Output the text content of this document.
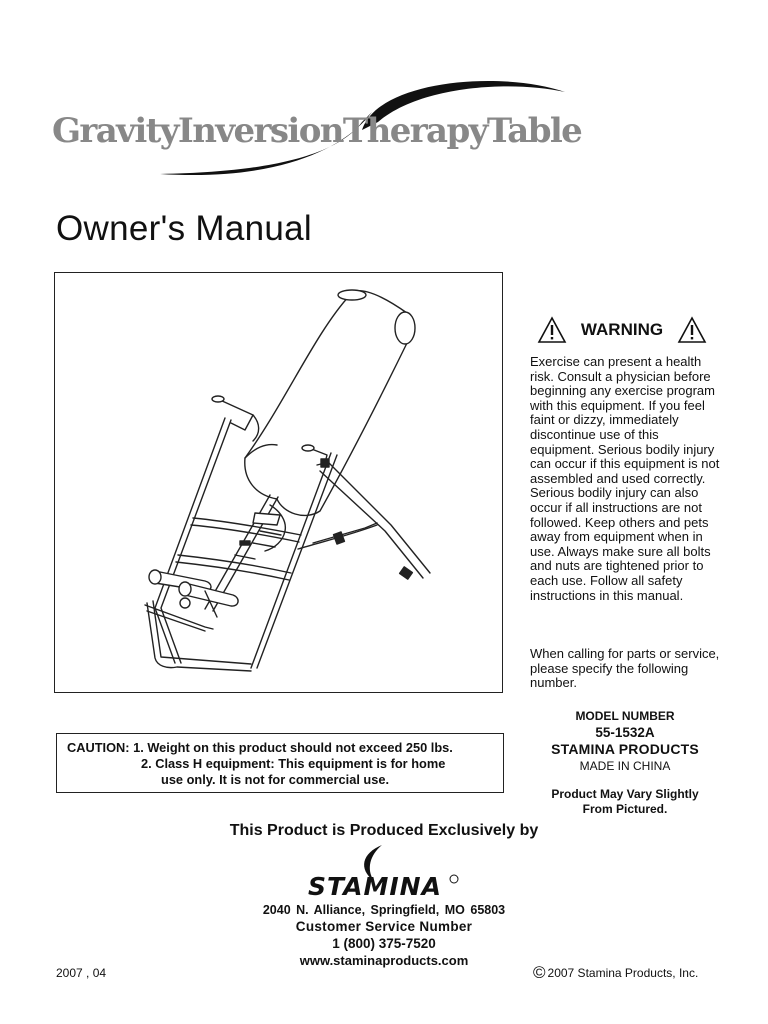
GravityInversionTherapyTable
Owner's Manual
WARNING

Exercise can present a health risk. Consult a physician before beginning any exercise program with this equipment. If you feel faint or dizzy, immediately discontinue use of this equipment. Serious bodily injury can occur if this equipment is not assembled and used correctly. Serious bodily injury can also occur if all instructions are not followed. Keep others and pets away from equipment when in use. Always make sure all bolts and nuts are tightened prior to each use. Follow all safety instructions in this manual.

When calling for parts or service, please specify the following number.

MODEL NUMBER
55-1532A
STAMINA PRODUCTS
MADE IN CHINA
Product May Vary Slightly
From Pictured.
CAUTION: 1. Weight on this product should not exceed 250 lbs.
2. Class H equipment: This equipment is for home
use only. It is not for commercial use.
This Product is Produced Exclusively by
STAMINA
2040 N. Alliance, Springfield, MO 65803
Customer Service Number
1 (800) 375-7520
www.staminaproducts.com
2007 , 04	© 2007 Stamina Products, Inc.
